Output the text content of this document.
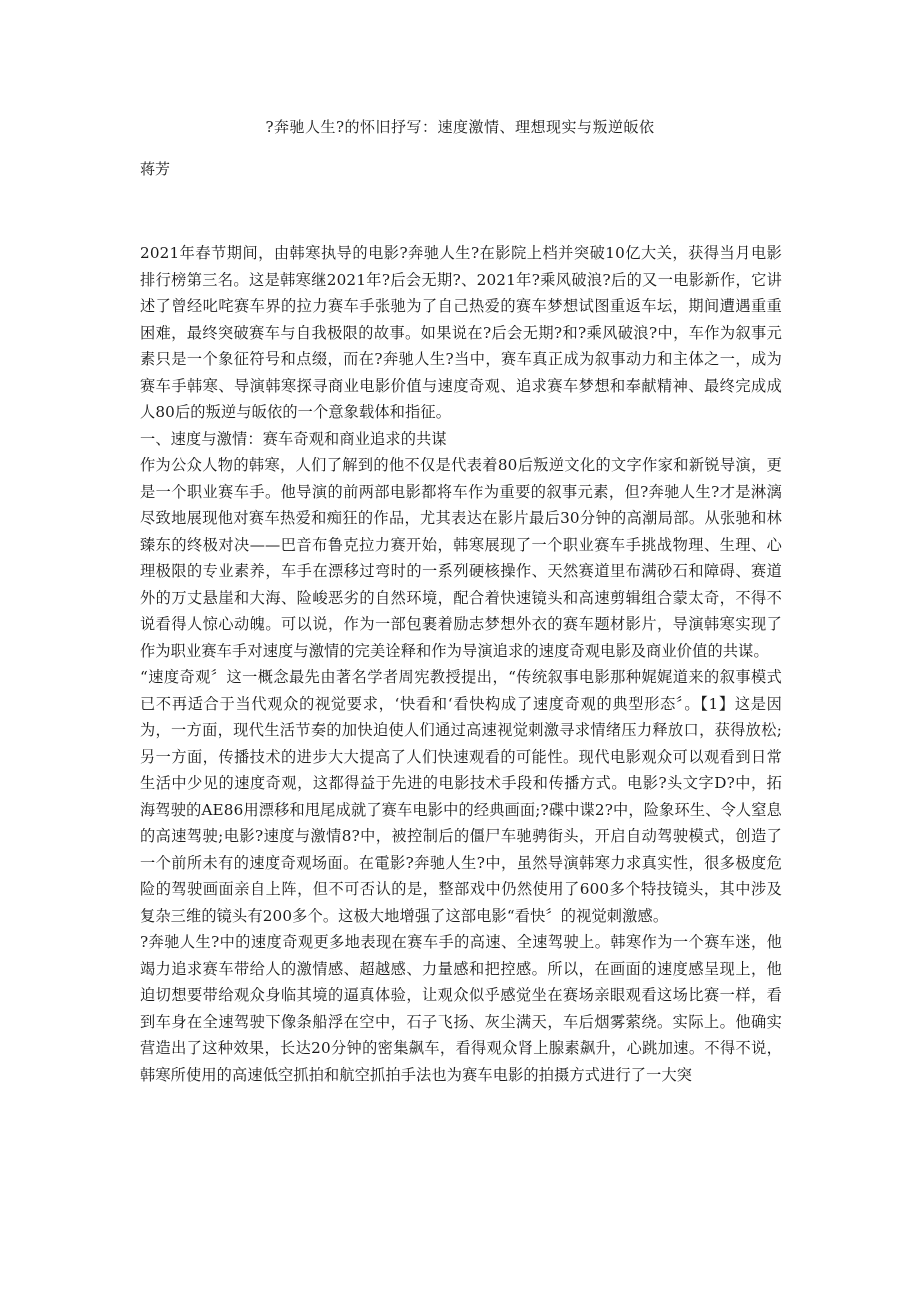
?奔驰人生?的怀旧抒写：速度激情、理想现实与叛逆皈依
蒋芳

2021年春节期间，由韩寒执导的电影?奔驰人生?在影院上档并突破10亿大关，获得当月电影排行榜第三名。这是韩寒继2021年?后会无期?、2021年?乘风破浪?后的又一电影新作，它讲述了曾经叱咤赛车界的拉力赛车手张驰为了自己热爱的赛车梦想试图重返车坛，期间遭遇重重困难，最终突破赛车与自我极限的故事。如果说在?后会无期?和?乘风破浪?中，车作为叙事元素只是一个象征符号和点缀，而在?奔驰人生?当中，赛车真正成为叙事动力和主体之一，成为赛车手韩寒、导演韩寒探寻商业电影价值与速度奇观、追求赛车梦想和奉献精神、最终完成成人80后的叛逆与皈依的一个意象载体和指征。

一、速度与激情：赛车奇观和商业追求的共谋

作为公众人物的韩寒，人们了解到的他不仅是代表着80后叛逆文化的文字作家和新锐导演，更是一个职业赛车手。他导演的前两部电影都将车作为重要的叙事元素，但?奔驰人生?才是淋漓尽致地展现他对赛车热爱和痴狂的作品，尤其表达在影片最后30分钟的高潮局部。从张驰和林臻东的终极对决——巴音布鲁克拉力赛开始，韩寒展现了一个职业赛车手挑战物理、生理、心理极限的专业素养，车手在漂移过弯时的一系列硬核操作、天然赛道里布满砂石和障碍、赛道外的万丈悬崖和大海、险峻恶劣的自然环境，配合着快速镜头和高速剪辑组合蒙太奇，不得不说看得人惊心动魄。可以说，作为一部包裹着励志梦想外衣的赛车题材影片，导演韩寒实现了作为职业赛车手对速度与激情的完美诠释和作为导演追求的速度奇观电影及商业价值的共谋。

“速度奇观〞这一概念最先由著名学者周宪教授提出，“传统叙事电影那种娓娓道来的叙事模式已不再适合于当代观众的视觉要求，‘快看和‘看快构成了速度奇观的典型形态〞。【1】这是因为，一方面，现代生活节奏的加快迫使人们通过高速视觉刺激寻求情绪压力释放口，获得放松;另一方面，传播技术的进步大大提高了人们快速观看的可能性。现代电影观众可以观看到日常生活中少见的速度奇观，这都得益于先进的电影技术手段和传播方式。电影?头文字D?中，拓海驾驶的AE86用漂移和甩尾成就了赛车电影中的经典画面;?碟中谍2?中，险象环生、令人窒息的高速驾驶;电影?速度与激情8?中，被控制后的僵尸车驰骋街头，开启自动驾驶模式，创造了一个前所未有的速度奇观场面。在電影?奔驰人生?中，虽然导演韩寒力求真实性，很多极度危险的驾驶画面亲自上阵，但不可否认的是，整部戏中仍然使用了600多个特技镜头，其中涉及复杂三维的镜头有200多个。这极大地增强了这部电影“看快〞的视觉刺激感。

?奔驰人生?中的速度奇观更多地表现在赛车手的高速、全速驾驶上。韩寒作为一个赛车迷，他竭力追求赛车带给人的激情感、超越感、力量感和把控感。所以，在画面的速度感呈现上，他迫切想要带给观众身临其境的逼真体验，让观众似乎感觉坐在赛场亲眼观看这场比赛一样，看到车身在全速驾驶下像条船浮在空中，石子飞扬、灰尘满天，车后烟雾萦绕。实际上。他确实营造出了这种效果，长达20分钟的密集飙车，看得观众肾上腺素飙升，心跳加速。不得不说，韩寒所使用的高速低空抓拍和航空抓拍手法也为赛车电影的拍摄方式进行了一大突
